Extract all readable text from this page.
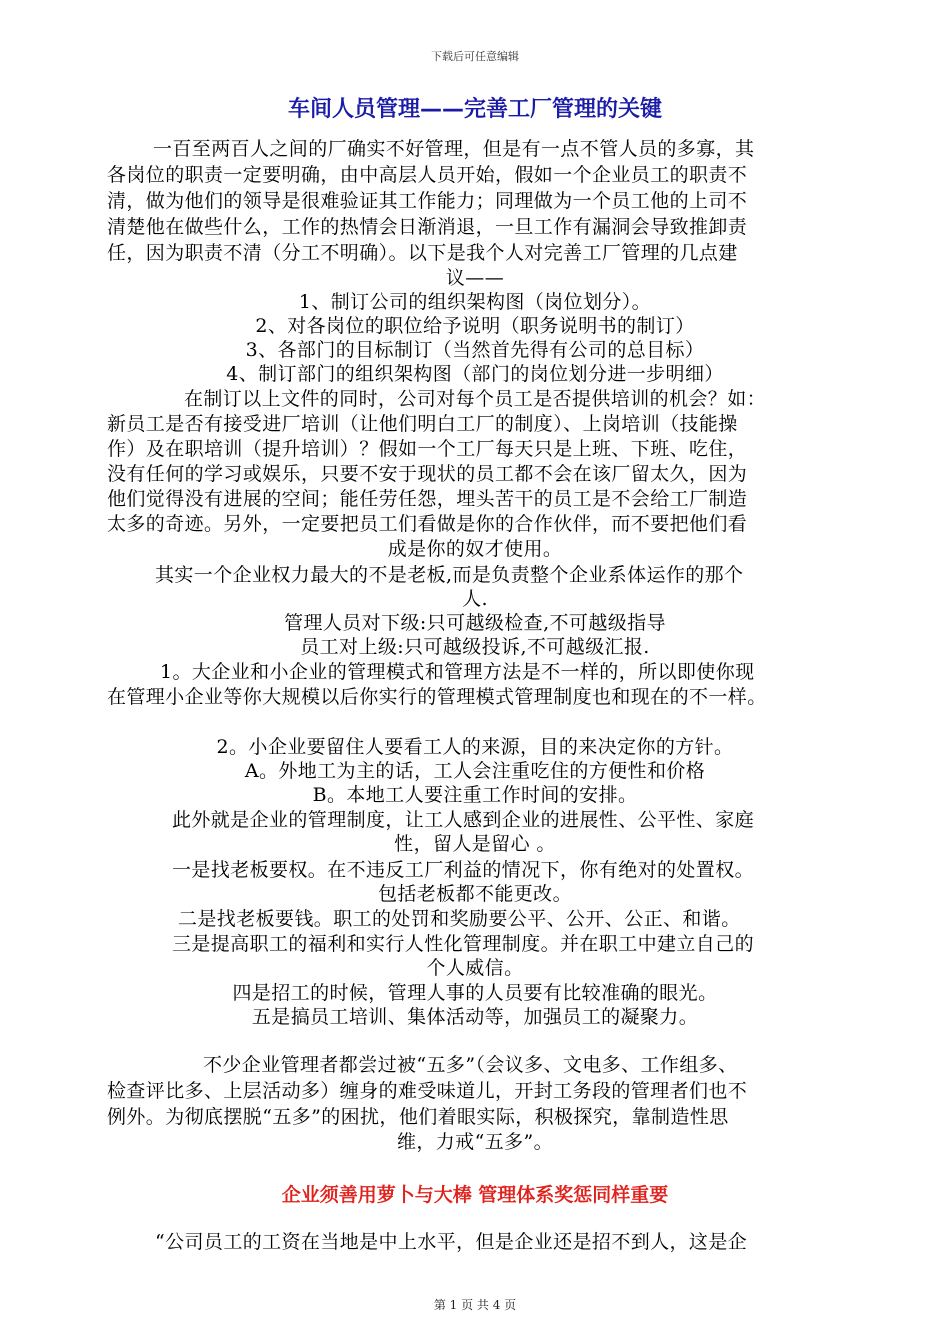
下载后可任意编辑
车间人员管理——完善工厂管理的关键
一百至两百人之间的厂确实不好管理，但是有一点不管人员的多寡，其
各岗位的职责一定要明确，由中高层人员开始，假如一个企业员工的职责不
清，做为他们的领导是很难验证其工作能力；同理做为一个员工他的上司不
清楚他在做些什么，工作的热情会日渐消退，一旦工作有漏洞会导致推卸责
任，因为职责不清（分工不明确）。以下是我个人对完善工厂管理的几点建
议——
1、制订公司的组织架构图（岗位划分）。
2、对各岗位的职位给予说明（职务说明书的制订）
3、各部门的目标制订（当然首先得有公司的总目标）
4、制订部门的组织架构图（部门的岗位划分进一步明细）
在制订以上文件的同时，公司对每个员工是否提供培训的机会？如：
新员工是否有接受进厂培训（让他们明白工厂的制度）、上岗培训（技能操
作）及在职培训（提升培训）？假如一个工厂每天只是上班、下班、吃住，
没有任何的学习或娱乐，只要不安于现状的员工都不会在该厂留太久，因为
他们觉得没有进展的空间；能任劳任怨，埋头苦干的员工是不会给工厂制造
太多的奇迹。另外，一定要把员工们看做是你的合作伙伴，而不要把他们看
成是你的奴才使用。
其实一个企业权力最大的不是老板,而是负责整个企业系体运作的那个
人.
管理人员对下级:只可越级检查,不可越级指导
员工对上级:只可越级投诉,不可越级汇报.
1。大企业和小企业的管理模式和管理方法是不一样的，所以即使你现
在管理小企业等你大规模以后你实行的管理模式管理制度也和现在的不一样。
2。小企业要留住人要看工人的来源，目的来决定你的方针。
A。外地工为主的话，工人会注重吃住的方便性和价格
B。本地工人要注重工作时间的安排。
此外就是企业的管理制度，让工人感到企业的进展性、公平性、家庭
性，留人是留心 。
一是找老板要权。在不违反工厂利益的情况下，你有绝对的处置权。
包括老板都不能更改。
二是找老板要钱。职工的处罚和奖励要公平、公开、公正、和谐。
三是提高职工的福利和实行人性化管理制度。并在职工中建立自己的
个人威信。
四是招工的时候，管理人事的人员要有比较准确的眼光。
五是搞员工培训、集体活动等，加强员工的凝聚力。
不少企业管理者都尝过被“五多”（会议多、文电多、工作组多、
检查评比多、上层活动多）缠身的难受味道儿，开封工务段的管理者们也不
例外。为彻底摆脱“五多”的困扰，他们着眼实际，积极探究，靠制造性思
维，力戒“五多”。
企业须善用萝卜与大棒 管理体系奖惩同样重要
“公司员工的工资在当地是中上水平，但是企业还是招不到人，这是企
第 1 页 共 4 页
